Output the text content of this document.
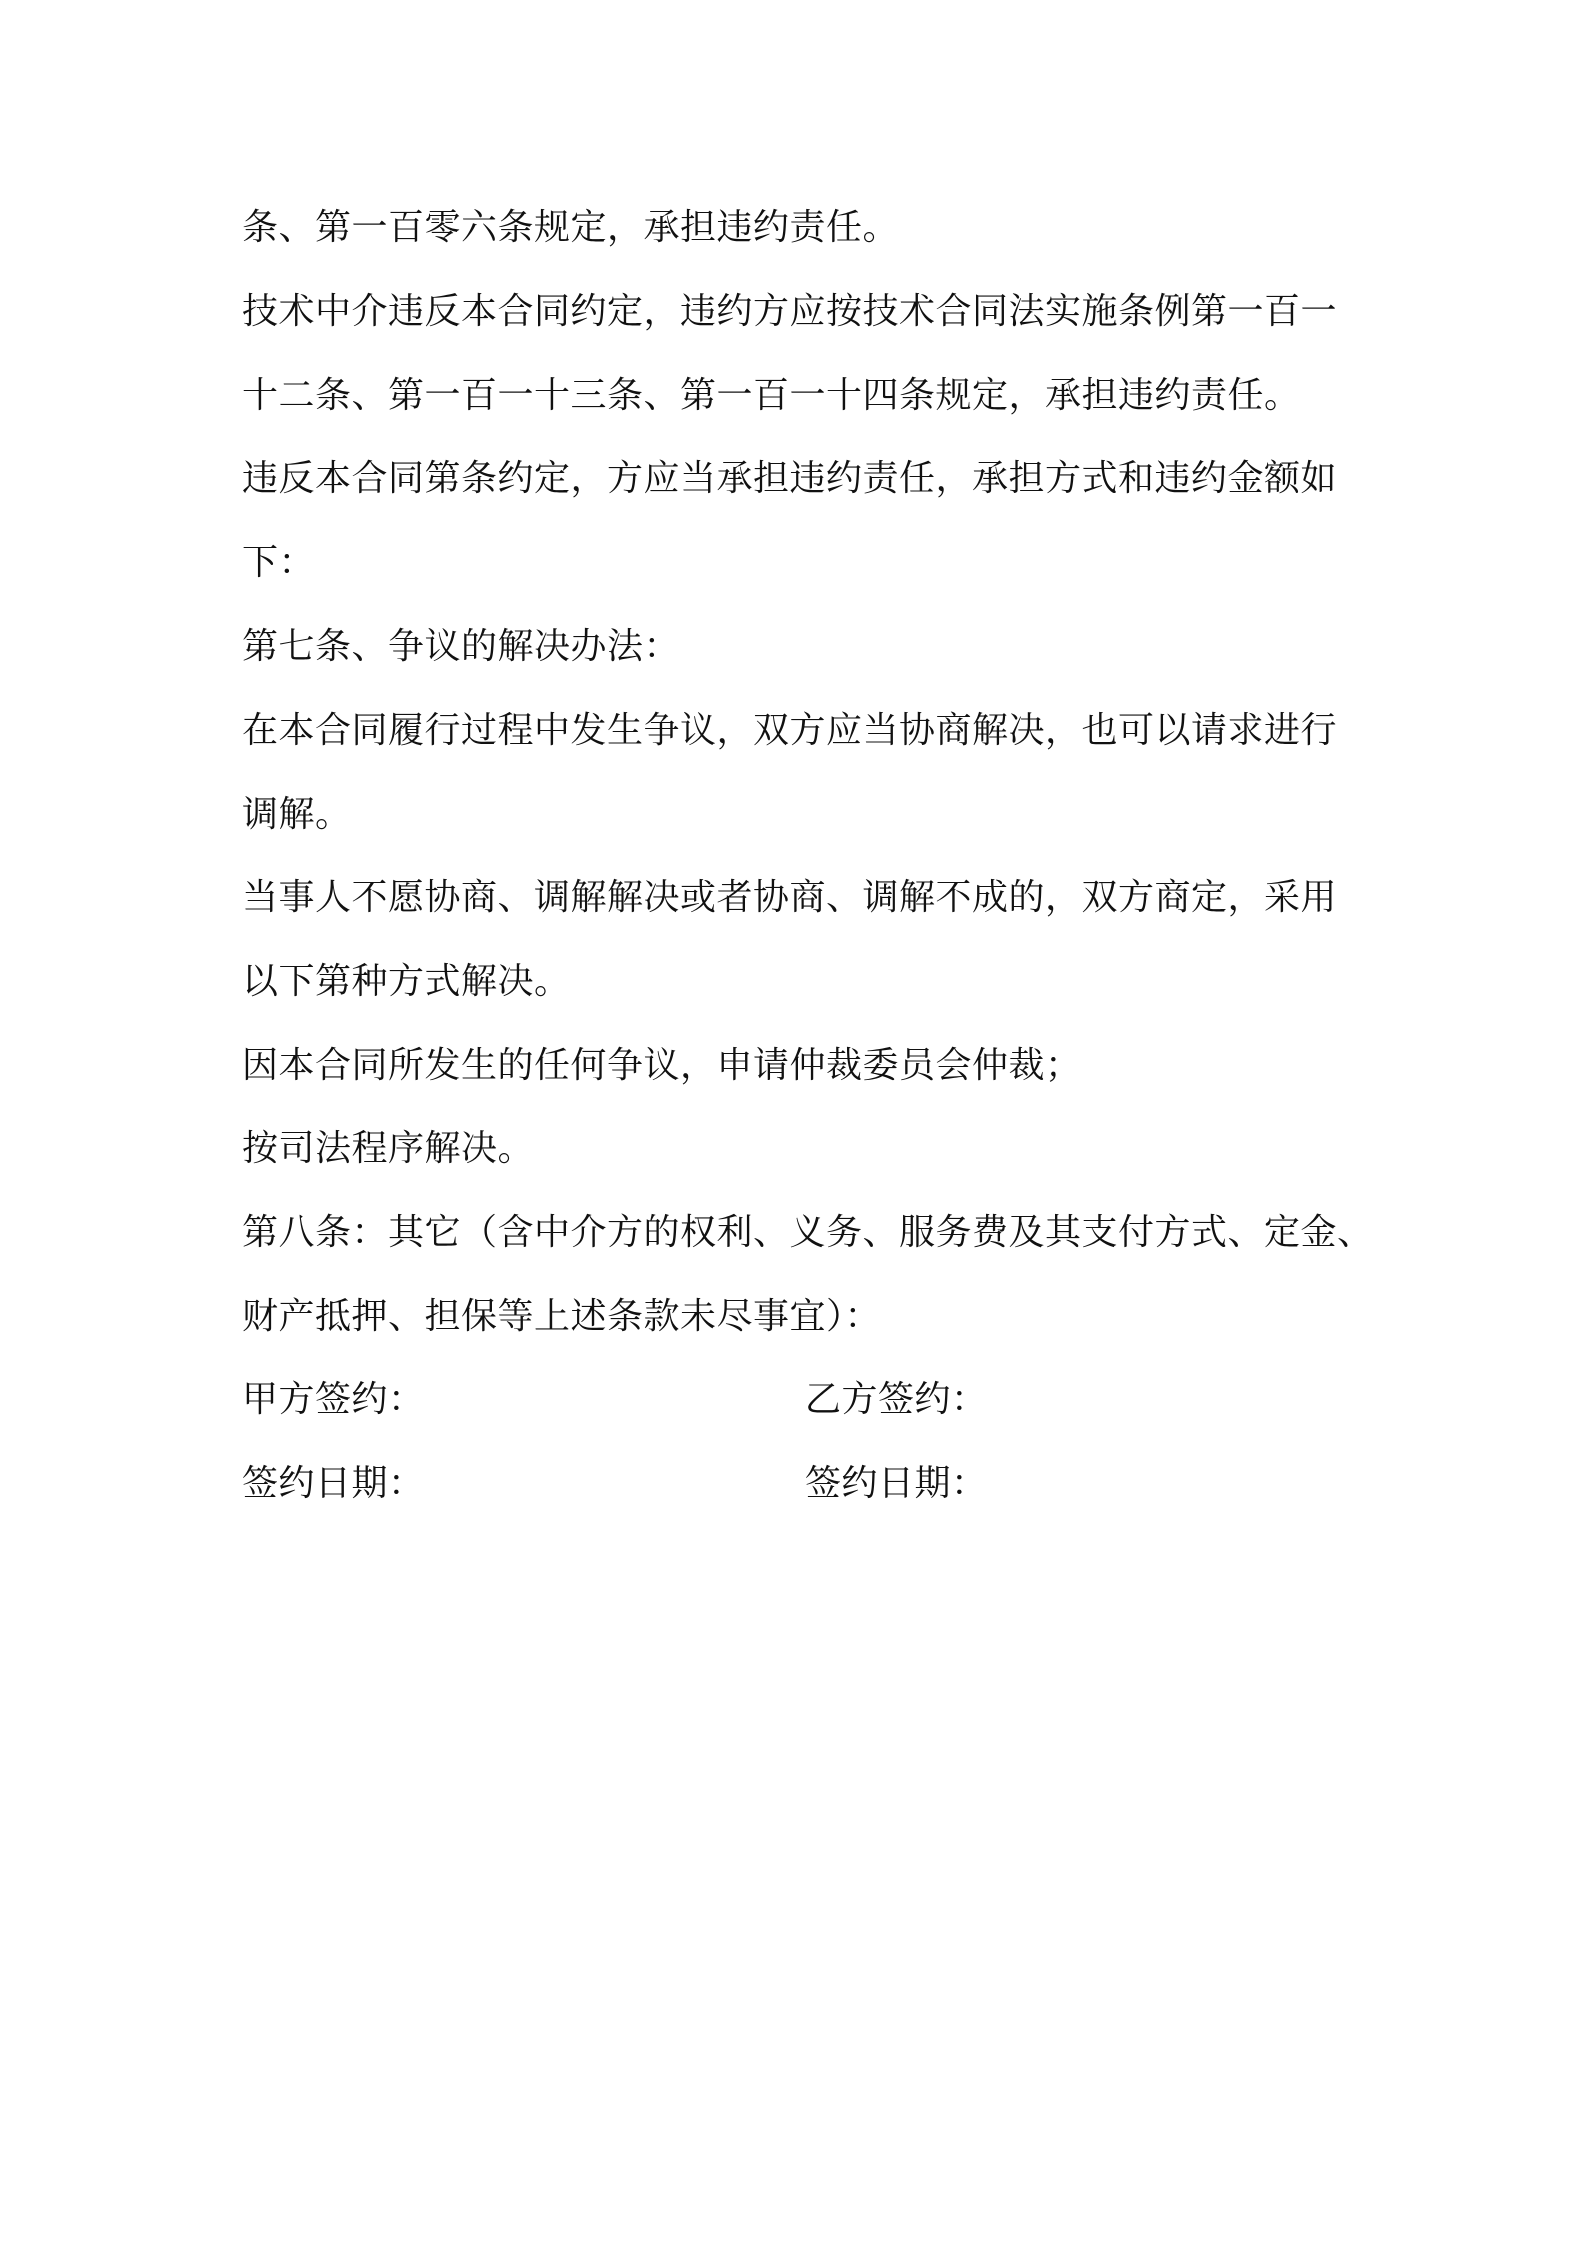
条、第一百零六条规定，承担违约责任。
技术中介违反本合同约定，违约方应按技术合同法实施条例第一百一
十二条、第一百一十三条、第一百一十四条规定，承担违约责任。
违反本合同第条约定，方应当承担违约责任，承担方式和违约金额如
下：
第七条、争议的解决办法：
在本合同履行过程中发生争议，双方应当协商解决，也可以请求进行
调解。
当事人不愿协商、调解解决或者协商、调解不成的，双方商定，采用
以下第种方式解决。
因本合同所发生的任何争议，申请仲裁委员会仲裁；
按司法程序解决。
第八条：其它（含中介方的权利、义务、服务费及其支付方式、定金、
财产抵押、担保等上述条款未尽事宜）：
甲方签约：	乙方签约：
签约日期：	签约日期：
